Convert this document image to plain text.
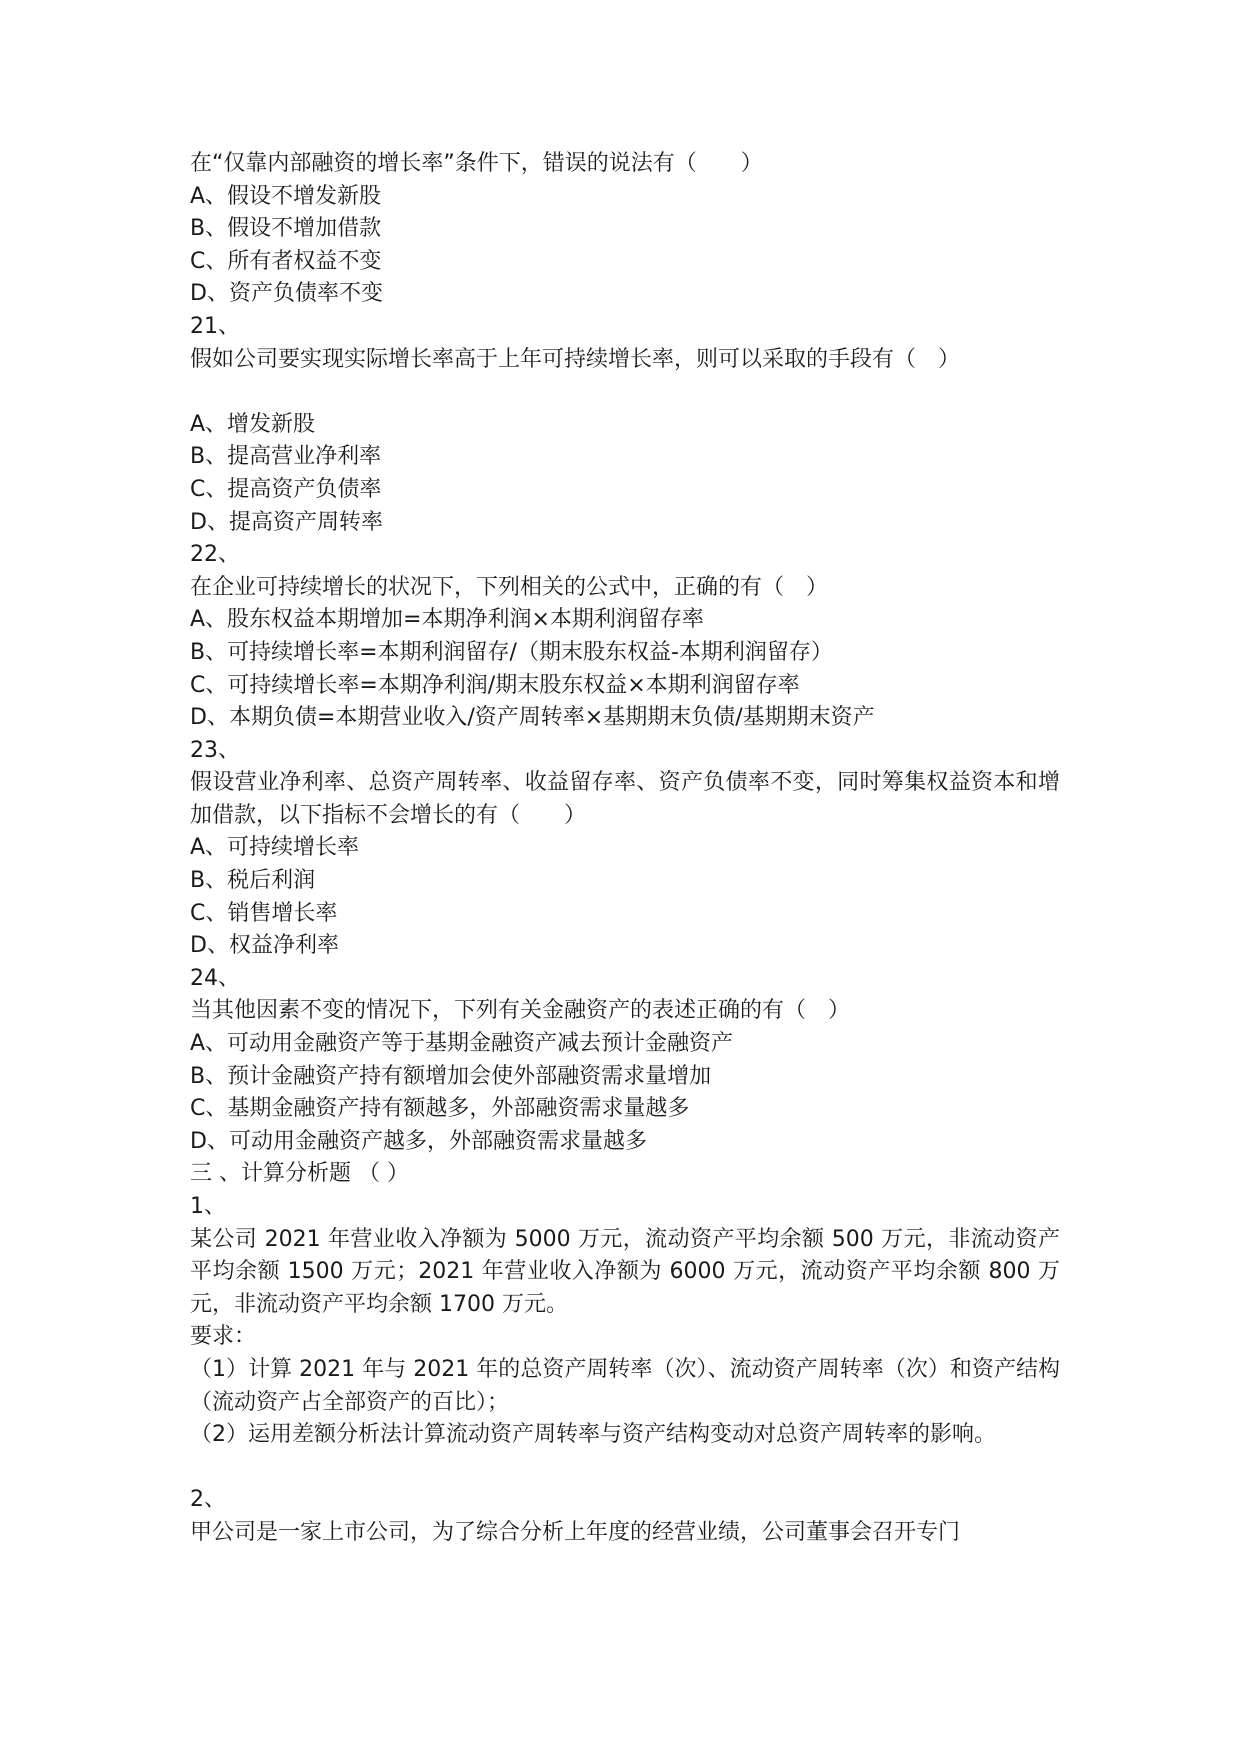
在“仅靠内部融资的增长率”条件下，错误的说法有（　　）

A、假设不增发新股

B、假设不增加借款

C、所有者权益不变

D、资产负债率不变

21、

假如公司要实现实际增长率高于上年可持续增长率，则可以采取的手段有（　）

A、增发新股

B、提高营业净利率

C、提高资产负债率

D、提高资产周转率

22、

在企业可持续增长的状况下，下列相关的公式中，正确的有（　）

A、股东权益本期增加=本期净利润×本期利润留存率

B、可持续增长率=本期利润留存/（期末股东权益-本期利润留存）

C、可持续增长率=本期净利润/期末股东权益×本期利润留存率

D、本期负债=本期营业收入/资产周转率×基期期末负债/基期期末资产

23、

假设营业净利率、总资产周转率、收益留存率、资产负债率不变，同时筹集权益资本和增加借款，以下指标不会增长的有（　　）

A、可持续增长率

B、税后利润

C、销售增长率

D、权益净利率

24、

当其他因素不变的情况下，下列有关金融资产的表述正确的有（　）

A、可动用金融资产等于基期金融资产减去预计金融资产

B、预计金融资产持有额增加会使外部融资需求量增加

C、基期金融资产持有额越多，外部融资需求量越多

D、可动用金融资产越多，外部融资需求量越多

三 、计算分析题 （ ）

1、

某公司 2021 年营业收入净额为 5000 万元，流动资产平均余额 500 万元，非流动资产平均余额 1500 万元；2021 年营业收入净额为 6000 万元，流动资产平均余额 800 万元，非流动资产平均余额 1700 万元。

要求：

（1）计算 2021 年与 2021 年的总资产周转率（次）、流动资产周转率（次）和资产结构（流动资产占全部资产的百比）；

（2）运用差额分析法计算流动资产周转率与资产结构变动对总资产周转率的影响。

2、

甲公司是一家上市公司，为了综合分析上年度的经营业绩，公司董事会召开专门
